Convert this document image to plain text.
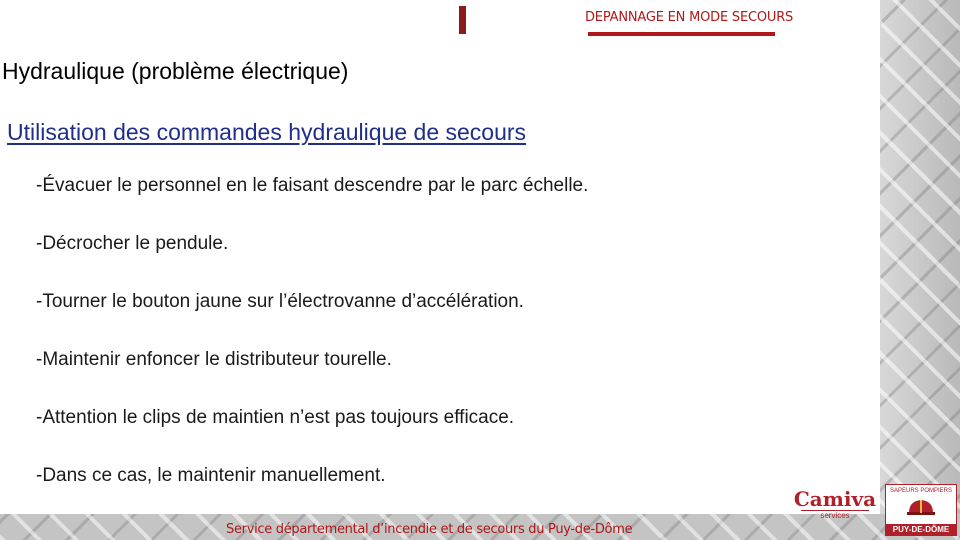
DEPANNAGE EN MODE SECOURS
Hydraulique (problème électrique)
Utilisation des commandes hydraulique de secours
-Évacuer le personnel en le faisant descendre par le parc échelle.
-Décrocher le pendule.
-Tourner le bouton jaune sur l’électrovanne d’accélération.
-Maintenir enfoncer le distributeur tourelle.
-Attention le clips de maintien n’est pas toujours efficace.
-Dans ce cas, le maintenir manuellement.
Service départemental d’incendie et de secours du Puy-de-Dôme
Camiva
services
SAPEURS POMPIERS
PUY-DE-DÔME
